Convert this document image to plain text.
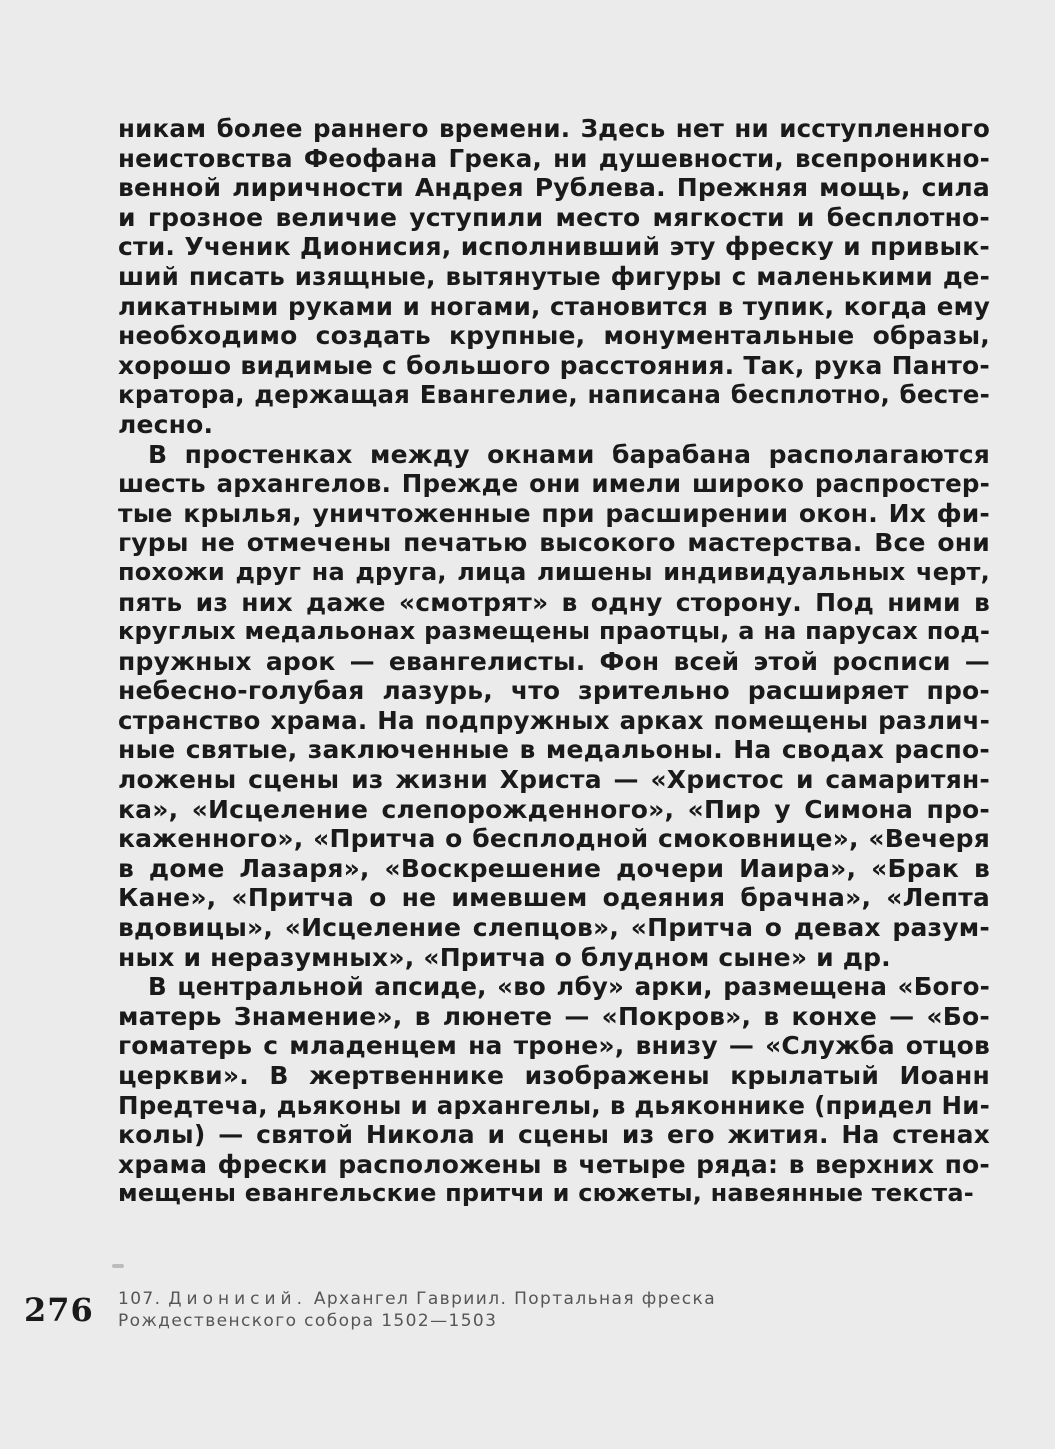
никам более раннего времени. Здесь нет ни исступленного
неистовства Феофана Грека, ни душевности, всепроникно-
венной лиричности Андрея Рублева. Прежняя мощь, сила
и грозное величие уступили место мягкости и бесплотно-
сти. Ученик Дионисия, исполнивший эту фреску и привык-
ший писать изящные, вытянутые фигуры с маленькими де-
ликатными руками и ногами, становится в тупик, когда ему
необходимо создать крупные, монументальные образы,
хорошо видимые с большого расстояния. Так, рука Панто-
кратора, держащая Евангелие, написана бесплотно, бесте-
лесно.
В простенках между окнами барабана располагаются
шесть архангелов. Прежде они имели широко распростер-
тые крылья, уничтоженные при расширении окон. Их фи-
гуры не отмечены печатью высокого мастерства. Все они
похожи друг на друга, лица лишены индивидуальных черт,
пять из них даже «смотрят» в одну сторону. Под ними в
круглых медальонах размещены праотцы, а на парусах под-
пружных арок — евангелисты. Фон всей этой росписи —
небесно-голубая лазурь, что зрительно расширяет про-
странство храма. На подпружных арках помещены различ-
ные святые, заключенные в медальоны. На сводах распо-
ложены сцены из жизни Христа — «Христос и самаритян-
ка», «Исцеление слепорожденного», «Пир у Симона про-
каженного», «Притча о бесплодной смоковнице», «Вечеря
в доме Лазаря», «Воскрешение дочери Иаира», «Брак в
Кане», «Притча о не имевшем одеяния брачна», «Лепта
вдовицы», «Исцеление слепцов», «Притча о девах разум-
ных и неразумных», «Притча о блудном сыне» и др.
В центральной апсиде, «во лбу» арки, размещена «Бого-
матерь Знамение», в люнете — «Покров», в конхе — «Бо-
гоматерь с младенцем на троне», внизу — «Служба отцов
церкви». В жертвеннике изображены крылатый Иоанн
Предтеча, дьяконы и архангелы, в дьяконнике (придел Ни-
колы) — святой Никола и сцены из его жития. На стенах
храма фрески расположены в четыре ряда: в верхних по-
мещены евангельские притчи и сюжеты, навеянные текста-
276 107. Дионисий. Архангел Гавриил. Портальная фреска
Рождественского собора 1502—1503
